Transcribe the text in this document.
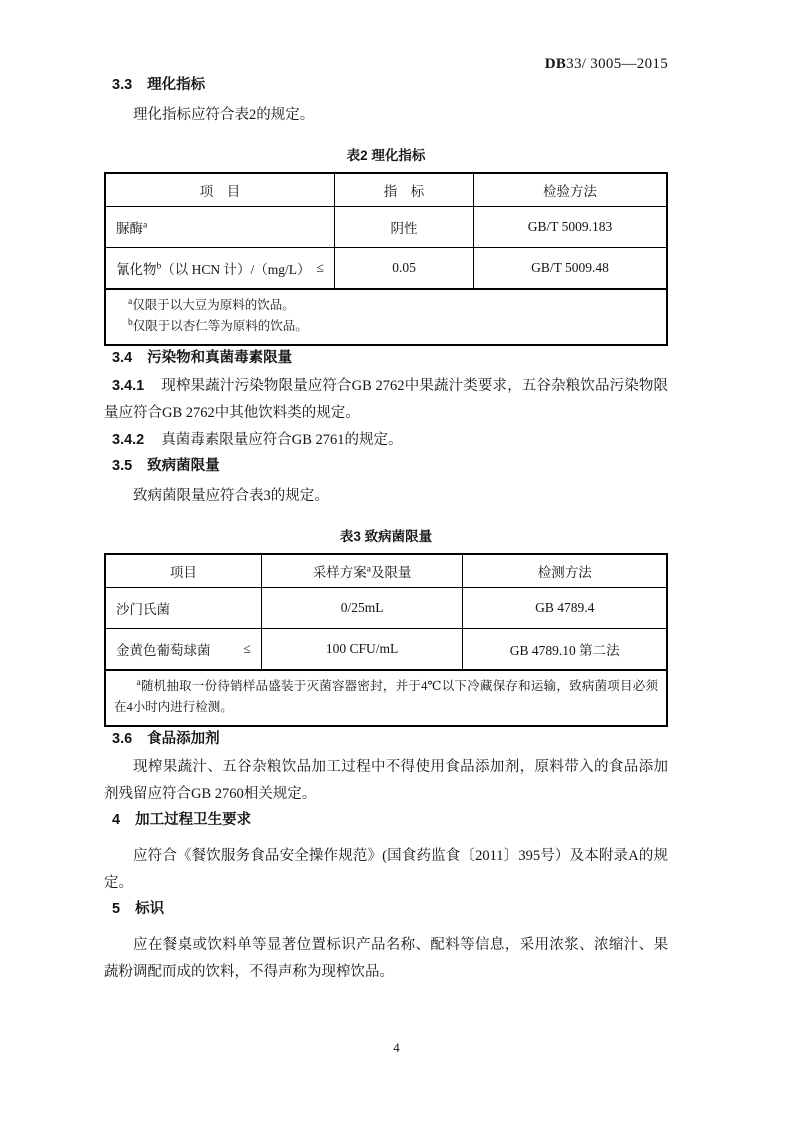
DB33/ 3005—2015
3.3 理化指标

理化指标应符合表2的规定。

表2 理化指标

项　目	指　标	检验方法

脲酶$^a$	阴性	GB/T 5009.183

氰化物$^b$（以 HCN 计）/（mg/L） ≤	0.05	GB/T 5009.48

$^a$仅限于以大豆为原料的饮品。
$^b$仅限于以杏仁等为原料的饮品。		
3.4 污染物和真菌毒素限量

3.4.1 现榨果蔬汁污染物限量应符合GB 2762中果蔬汁类要求，五谷杂粮饮品污染物限量应符合GB 2762中其他饮料类的规定。

3.4.2 真菌毒素限量应符合GB 2761的规定。

3.5 致病菌限量

致病菌限量应符合表3的规定。

表3 致病菌限量

项目	采样方案$^a$及限量	检测方法

沙门氏菌	0/25mL	GB 4789.4

金黄色葡萄球菌 ≤	100 CFU/mL	GB 4789.10 第二法

$^a$随机抽取一份待销样品盛装于灭菌容器密封，并于4℃以下冷藏保存和运输，致病菌项目必须在4小时内进行检测。		

3.6 食品添加剂

现榨果蔬汁、五谷杂粮饮品加工过程中不得使用食品添加剂，原料带入的食品添加剂残留应符合GB 2760相关规定。

4 加工过程卫生要求

应符合《餐饮服务食品安全操作规范》(国食药监食〔2011〕395号）及本附录A的规定。

5 标识

应在餐桌或饮料单等显著位置标识产品名称、配料等信息，采用浓浆、浓缩汁、果蔬粉调配而成的饮料，不得声称为现榨饮品。

4
